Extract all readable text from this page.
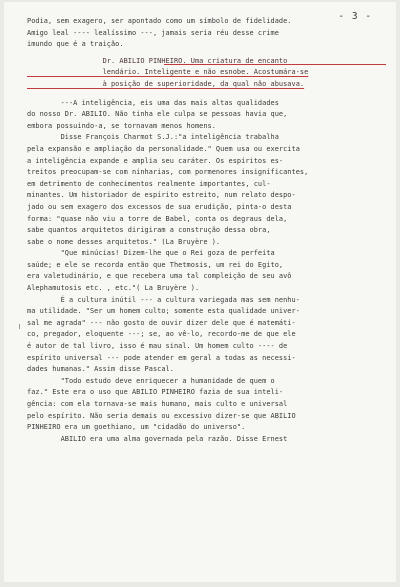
- 3 -
Podia, sem exagero, ser apontado como um símbolo de fidelidade.
Amigo leal ---- lealíssimo ---, jamais seria réu desse crime
imundo que é a traição.
Dr. ABILIO PINHEIRO. Uma criatura de encanto
lendário. Inteligente e não esnobe. Acostumára-se
à posição de superioridade, da qual não abusava.
---A inteligência, eis uma das mais altas qualidades
do nosso Dr. ABILIO. Não tinha ele culpa se pessoas havia que,
embora possuindo-a, se tornavam menos homens.
Disse François Charmot S.J.:"a inteligência trabalha
pela expansão e ampliação da personalidade." Quem usa ou exercita
a inteligência expande e amplia seu caráter. Os espíritos es-
treitos preocupam-se com ninharias, com pormenores insignificantes,
em detrimento de conhecimentos realmente importantes, cul-
minantes. Um historiador de espírito estreito, num relato despo-
jado ou sem exagero dos excessos de sua erudição, pinta-o desta
forma: "quase não viu a torre de Babel, conta os degraus dela,
sabe quantos arquitetos dirigiram a construção dessa obra,
sabe o nome desses arquitetos." (La Bruyère ).
"Que minúcias! Dizem-lhe que o Rei goza de perfeita
saúde; e ele se recorda então que Thetmosis, um rei do Egito,
era valetudinário, e que recebera uma tal compleição de seu avô
Alephamutosis etc. , etc."( La Bruyère ).
É a cultura inútil --- a cultura variegada mas sem nenhu-
ma utilidade. "Ser um homem culto; somente esta qualidade univer-
sal me agrada" --- não gosto de ouvir dizer dele que é matemáti-
co, pregador, eloquente ---; se, ao vê-lo, recordo-me de que ele
é autor de tal livro, isso é mau sinal. Um homem culto ---- de
espírito universal --- pode atender em geral a todas as necessi-
dades humanas." Assim disse Pascal.
"Todo estudo deve enriquecer a humanidade de quem o
faz." Este era o uso que ABILIO PINHEIRO fazia de sua inteli-
gência: com ela tornava-se mais humano, mais culto e universal
pelo espírito. Não seria demais ou excessivo dizer-se que ABILIO
PINHEIRO era um goethiano, um "cidadão do universo".
ABILIO era uma alma governada pela razão. Disse Ernest
